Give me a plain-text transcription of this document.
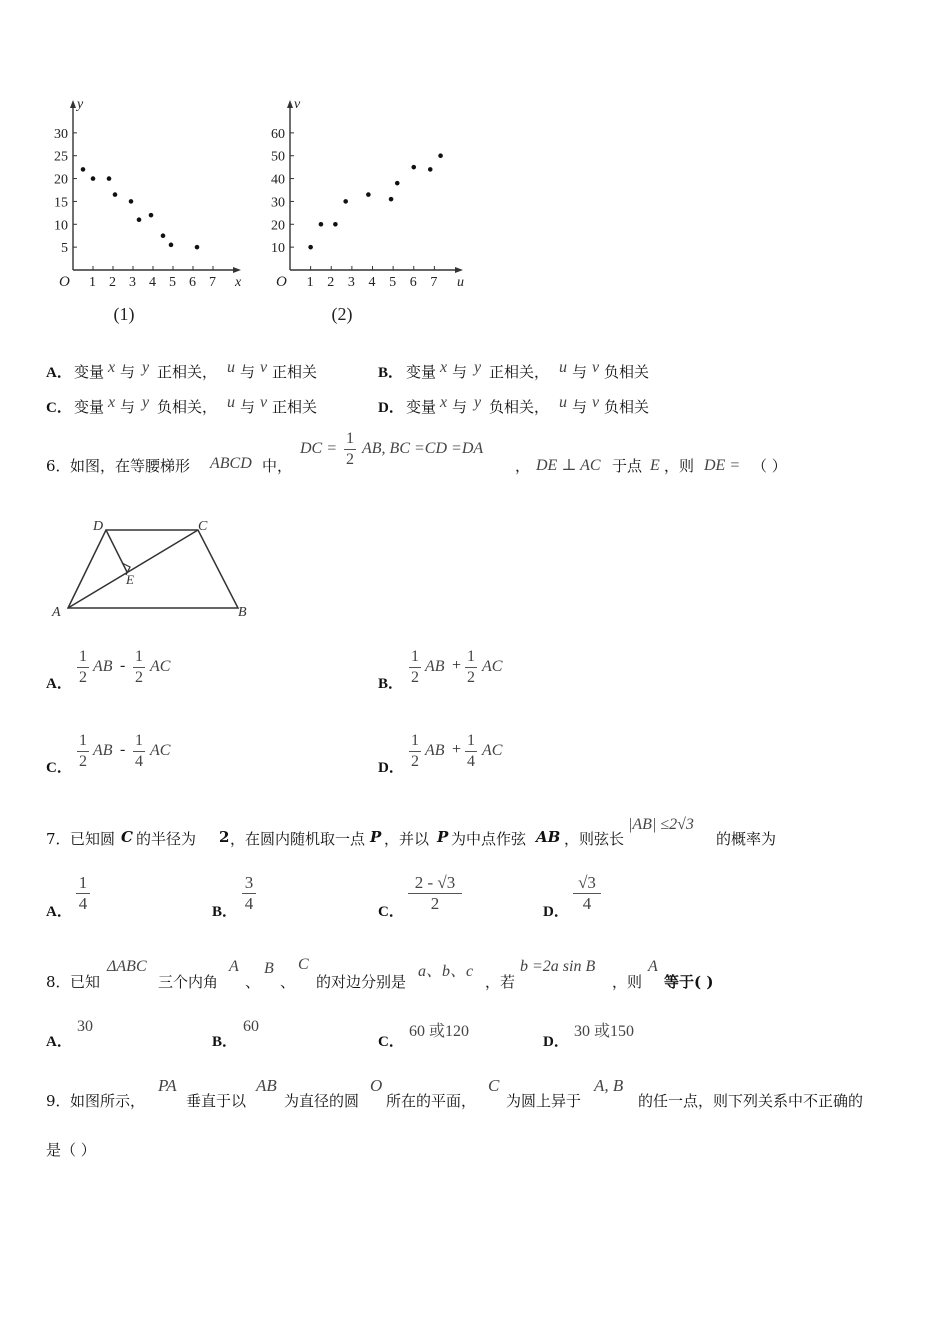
1 2 3 4 5 6 7
5
10
15
20
25
30
O	x
y
(1)
1 2 3 4 5 6 7
10
20
30
40
50
60
O	u
v
(2)
A． 变量 x 与 y 正相关， u 与 v 正相关	B． 变量 x 与 y 正相关， u 与 v 负相关
C． 变量 x 与 y 负相关， u 与 v 正相关	D． 变量 x 与 y 负相关， u 与 v 负相关
6． 如图，在等腰梯形 ABCD 中，
DC =
1
2
AB, BC =CD =DA
， DE ⊥ AC 于点 E ，则 DE = （ ）
D	C
A	B
E
A．
1
2
AB -
1
2
AC
B．
1
2
AB +
1
2
AC
C．
1
2
AB -
1
4
AC
D．
1
2
AB +
1
4
AC
7． 已知圆 C 的半径为 2 ，在圆内随机取一点 P ，并以 P 为中点作弦 AB ，则弦长
|AB| ≤2√3
的概率为
A．
1
4	B．
3
4	C．
2 - √3
2	D．
√3
4
8． 已知
ΔABC
三个内角
A
、
B
、
C
的对边分别是
a、b、c
，若
b =2a sin B
，则
A
等于( )
A．
30
B．
60
C．
60 或120
D．
30 或150
9． 如图所示，
PA
垂直于以
AB
为直径的圆
O
所在的平面，
C
为圆上异于
A, B
的任一点，则下列关系中不正确的
是（ ）
